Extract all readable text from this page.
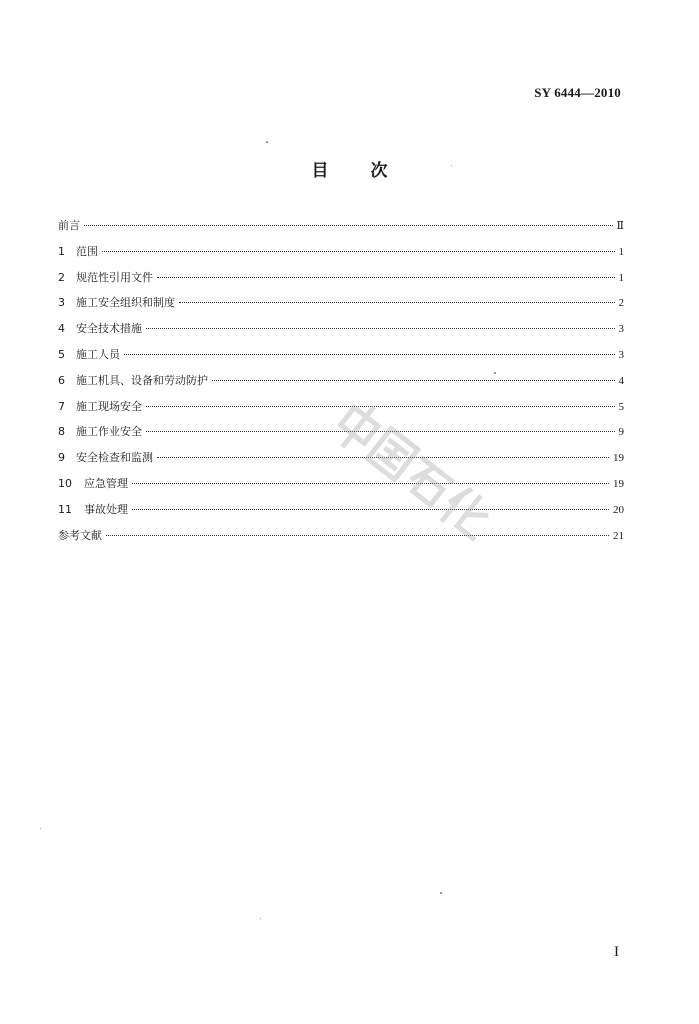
SY 6444—2010
目 次
前言	Ⅱ
1	范围	1
2	规范性引用文件	1
3	施工安全组织和制度	2
4	安全技术措施	3
5	施工人员	3
6	施工机具、设备和劳动防护	4
7	施工现场安全	5
8	施工作业安全	9
9	安全检查和监测	19
10	应急管理	19
11	事故处理	20
参考文献	21
I
